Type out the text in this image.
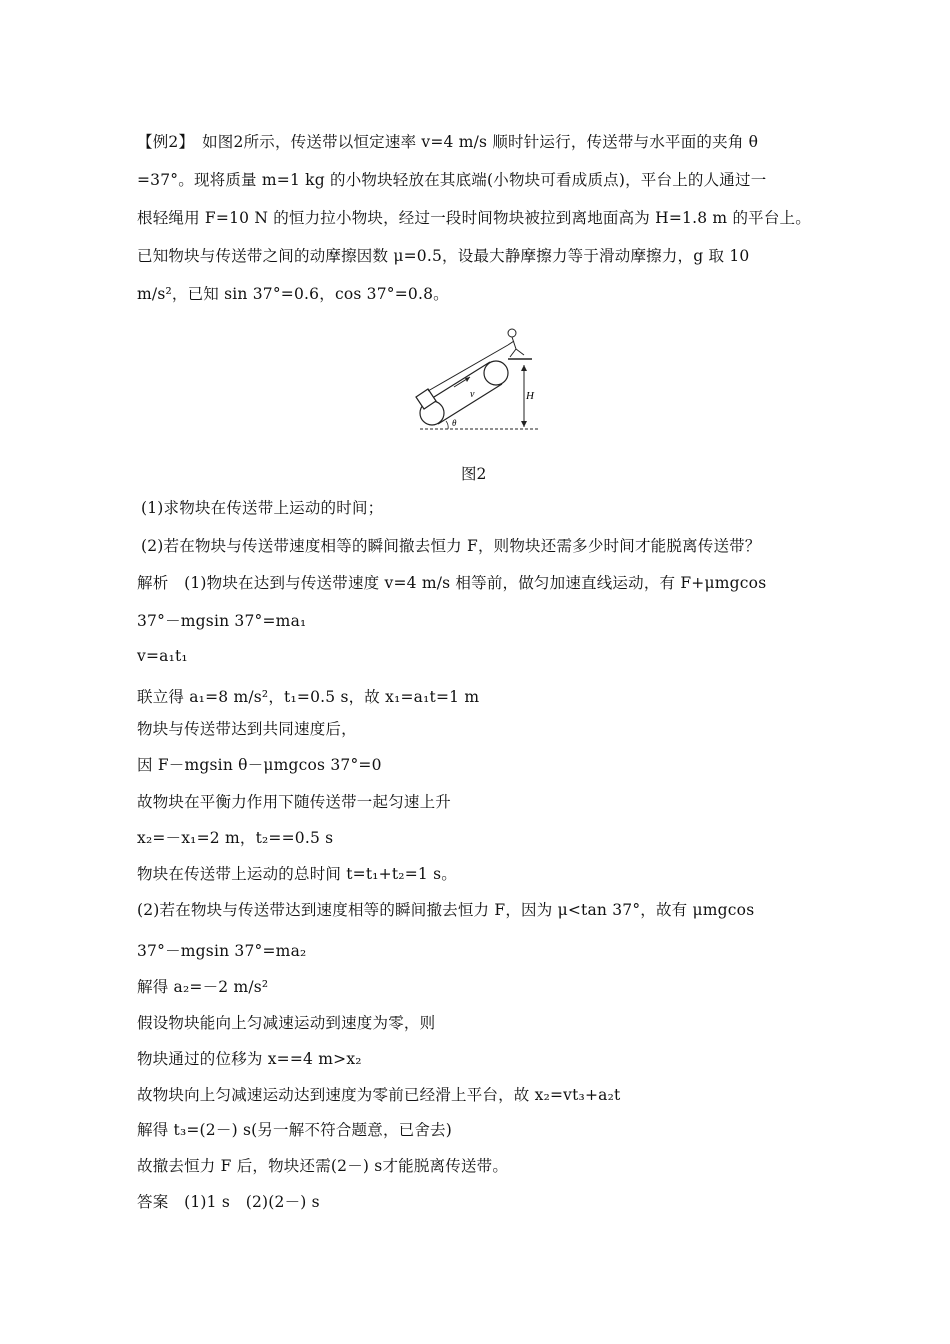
【例2】　如图2所示，传送带以恒定速率 v=4 m/s 顺时针运行，传送带与水平面的夹角 θ
=37°。现将质量 m=1 kg 的小物块轻放在其底端(小物块可看成质点)，平台上的人通过一
根轻绳用 F=10 N 的恒力拉小物块，经过一段时间物块被拉到离地面高为 H=1.8 m 的平台上。
已知物块与传送带之间的动摩擦因数 μ=0.5，设最大静摩擦力等于滑动摩擦力，g 取 10
m/s²，已知 sin 37°=0.6，cos 37°=0.8。
v	H
θ
图2
(1)求物块在传送带上运动的时间；
(2)若在物块与传送带速度相等的瞬间撤去恒力 F，则物块还需多少时间才能脱离传送带？
解析　(1)物块在达到与传送带速度 v=4 m/s 相等前，做匀加速直线运动，有 F+μmgcos
37°－mgsin 37°=ma₁
v=a₁t₁
联立得 a₁=8 m/s²，t₁=0.5 s，故 x₁=a₁t=1 m
物块与传送带达到共同速度后，
因 F－mgsin θ－μmgcos 37°=0
故物块在平衡力作用下随传送带一起匀速上升
x₂=－x₁=2 m，t₂==0.5 s
物块在传送带上运动的总时间 t=t₁+t₂=1 s。
(2)若在物块与传送带达到速度相等的瞬间撤去恒力 F，因为 μ<tan 37°，故有 μmgcos
37°－mgsin 37°=ma₂
解得 a₂=－2 m/s²
假设物块能向上匀减速运动到速度为零，则
物块通过的位移为 x==4 m>x₂
故物块向上匀减速运动达到速度为零前已经滑上平台，故 x₂=vt₃+a₂t
解得 t₃=(2－) s(另一解不符合题意，已舍去)
故撤去恒力 F 后，物块还需(2－) s才能脱离传送带。
答案　(1)1 s　(2)(2－) s
